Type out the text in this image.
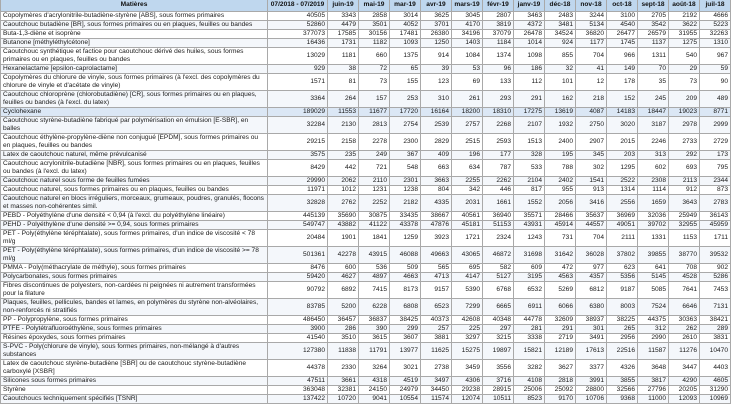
Matières	07/2018 - 07/2019	juin-19	mai-19	mar-19	avr-19	mars-19	févr-19	janv-19	déc-18	nov-18	oct-18	sept-18	août-18	juil-18
Copolymères d'acrylonitrile-butadiène-styrène [ABS], sous formes primaires	40505	3343	2858	3014	3625	3045	2807	3463	2483	3244	3100	2705	2192	4666
Caoutchouc butadiène [BR], sous formes primaires ou en plaques, feuilles ou bandes	52860	4479	3501	4052	3701	4170	3819	4372	3481	5134	4540	3542	3622	5223
Buta-1,3-diène et isoprène	377073	17585	30156	17481	26380	34196	37079	26478	34524	36820	26477	26579	31955	32263
Butanone [méthyléthylcétone]	16436	1731	1182	1093	1250	1403	1184	1014	924	1177	1745	1137	1275	1310
Caoutchouc synthétique et factice pour caoutchouc dérivé des huiles, sous formes primaires ou en plaques, feuilles ou bandes	13029	1181	660	1375	914	1084	1374	1098	855	704	966	1311	540	967
Hexanelactame [epsilon-caprolactame]	929	38	72	65	39	53	96	186	32	41	149	70	29	59
Copolymères du chlorure de vinyle, sous formes primaires (à l'excl. des copolymères du chlorure de vinyle et d'acétate de vinyle)	1571	81	73	155	123	69	133	112	101	12	178	35	73	90
Caoutchouc chloroprène (chlorobutadiène) [CR], sous formes primaires ou en plaques, feuilles ou bandes (à l'excl. du latex)	3364	264	157	253	310	261	293	291	162	218	152	245	209	489
Cyclohexane	189029	11553	11677	17720	16164	18200	18310	17275	13619	4087	14183	18447	19023	8771
Caoutchouc styrène-butadiène fabriqué par polymérisation en émulsion [E-SBR], en balles	32284	2130	2813	2754	2539	2757	2268	2107	1932	2750	3020	3187	2978	2999
Caoutchouc éthylène-propylène-diène non conjugué [EPDM], sous formes primaires ou en plaques, feuilles ou bandes	29215	2158	2278	2300	2829	2515	2593	1513	2400	2907	2015	2246	2733	2729
Latex de caoutchouc naturel, même prévulcanisé	3575	235	249	367	409	196	177	328	195	345	203	313	292	173
Caoutchouc acrylonitrile-butadiène [NBR], sous formes primaires ou en plaques, feuilles ou bandes (à l'excl. du latex)	8429	442	721	548	663	634	787	533	788	302	1295	602	693	795
Caoutchouc naturel sous forme de feuilles fumées	29990	2062	2110	2301	3663	2255	2262	2104	2402	1541	2522	2308	2113	2344
Caoutchouc naturel, sous formes primaires ou en plaques, feuilles ou bandes	11971	1012	1231	1238	804	342	446	817	955	913	1314	1114	912	873
Caoutchouc naturel en blocs irréguliers, morceaux, grumeaux, poudres, granulés, flocons et masses non-cohérentes simil.	32828	2762	2252	2182	4335	2031	1661	1552	2056	3416	2556	1659	3643	2783
PEBD - Polyéthylène d'une densité < 0,94 (à l'excl. du polyéthylène linéaire)	445139	35690	30875	33435	38667	40561	36940	35571	28466	35637	36969	32036	25949	36143
PEHD - Polyéthylène d'une densité >= 0,94, sous formes primaires	549747	43882	41122	43378	47876	45181	51153	43931	45914	44557	49051	39702	32955	45959
PET - Poly(éthylène téréphtalate), sous formes primaires, d'un indice de viscosité < 78 ml/g	20484	1901	1841	1259	3923	1721	2324	1243	731	704	2111	1331	1153	1711
PET - Poly(éthylène téréphtalate), sous formes primaires, d'un indice de viscosité >= 78 ml/g	501361	42278	43915	46088	49663	43065	46872	31698	31642	36028	37802	39855	38770	39532
PMMA - Poly(méthacrylate de méthyle), sous formes primaires	8476	600	536	509	565	695	582	609	472	977	623	641	708	902
Polycarbonates, sous formes primaires	59420	4627	4897	4663	4713	4147	5127	3195	4563	4357	5356	5145	4528	5286
Fibres discontinues de polyesters, non-cardées ni peignées ni autrement transformées pour la filature	90792	6892	7415	8173	9157	5390	6768	6532	5269	6812	9187	5085	7641	7453
Plaques, feuilles, pellicules, bandes et lames, en polymères du styrène non-alvéolaires, non-renforcés ni stratifiés	83785	5200	6228	6808	6523	7299	6665	6911	6066	6380	8003	7524	6646	7131
PP - Polypropylène, sous formes primaires	486450	36457	36837	38425	40373	42608	40348	44778	32609	38937	38225	44375	30363	38421
PTFE - Polytétrafluoroéthylène, sous formes primaires	3900	286	390	299	257	225	297	281	291	301	265	312	262	289
Résines époxydes, sous formes primaires	41540	3510	3615	3607	3881	3297	3215	3338	2719	3491	2956	2990	2610	3831
S-PVC - Poly(chlorure de vinyle), sous formes primaires, non-mélangé à d'autres substances	127380	11838	11791	13977	11625	15275	19897	15821	12189	17613	22516	11587	11276	10470
Latex de caoutchouc styrène-butadiène [SBR] ou de caoutchouc styrène-butadiène carboxylé [XSBR]	44378	2330	3264	3021	2738	3459	3556	3282	3627	3377	4326	3648	3447	4403
Silicones sous formes primaires	47511	3661	4318	4519	3497	4306	3716	4108	2818	3991	3855	3817	4290	4605
Styrène	363048	32381	24150	24979	34450	29238	28915	25006	25092	28800	32566	27796	20205	31290
Caoutchoucs techniquement spécifiés [TSNR]	137422	10720	9041	10554	11574	12074	10511	8523	9170	10706	9368	11000	12093	10969
